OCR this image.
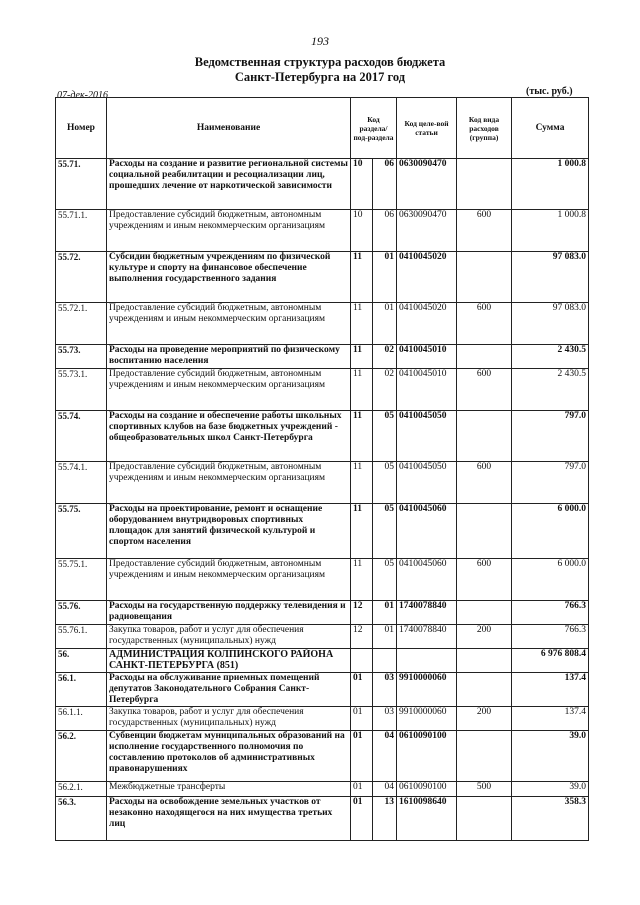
193
Ведомственная структура расходов бюджета
Санкт-Петербурга на 2017 год
07-дек-2016	(тыс. руб.)
Номер	Наименование	Код раздела/ под-раздела		Код целе-вой статьи	Код вида расходов (группа)	Сумма
55.71.	Расходы на создание и развитие региональной системы социальной реабилитации и ресоциализации лиц, прошедших лечение от наркотической зависимости	10	06	0630090470		1 000.8
55.71.1.	Предоставление субсидий бюджетным, автономным учреждениям и иным некоммерческим организациям	10	06	0630090470	600	1 000.8
55.72.	Субсидии бюджетным учреждениям по физической культуре и спорту на финансовое обеспечение выполнения государственного задания	11	01	0410045020		97 083.0
55.72.1.	Предоставление субсидий бюджетным, автономным учреждениям и иным некоммерческим организациям	11	01	0410045020	600	97 083.0
55.73.	Расходы на проведение мероприятий по физическому воспитанию населения	11	02	0410045010		2 430.5
55.73.1.	Предоставление субсидий бюджетным, автономным учреждениям и иным некоммерческим организациям	11	02	0410045010	600	2 430.5
55.74.	Расходы на создание и обеспечение работы школьных спортивных клубов на базе бюджетных учреждений - общеобразовательных школ Санкт-Петербурга	11	05	0410045050		797.0
55.74.1.	Предоставление субсидий бюджетным, автономным учреждениям и иным некоммерческим организациям	11	05	0410045050	600	797.0
55.75.	Расходы на проектирование, ремонт и оснащение оборудованием внутридворовых спортивных площадок для занятий физической культурой и спортом населения	11	05	0410045060		6 000.0
55.75.1.	Предоставление субсидий бюджетным, автономным учреждениям и иным некоммерческим организациям	11	05	0410045060	600	6 000.0
55.76.	Расходы на государственную поддержку телевидения и радиовещания	12	01	1740078840		766.3
55.76.1.	Закупка товаров, работ и услуг для обеспечения государственных (муниципальных) нужд	12	01	1740078840	200	766.3
56.	АДМИНИСТРАЦИЯ КОЛПИНСКОГО РАЙОНА САНКТ-ПЕТЕРБУРГА (851)					6 976 808.4
56.1.	Расходы на обслуживание приемных помещений депутатов Законодательного Собрания Санкт-Петербурга	01	03	9910000060		137.4
56.1.1.	Закупка товаров, работ и услуг для обеспечения государственных (муниципальных) нужд	01	03	9910000060	200	137.4
56.2.	Субвенции бюджетам муниципальных образований на исполнение государственного полномочия по составлению протоколов об административных правонарушениях	01	04	0610090100		39.0
56.2.1.	Межбюджетные трансферты	01	04	0610090100	500	39.0
56.3.	Расходы на освобождение земельных участков от незаконно находящегося на них имущества третьих лиц	01	13	1610098640		358.3
